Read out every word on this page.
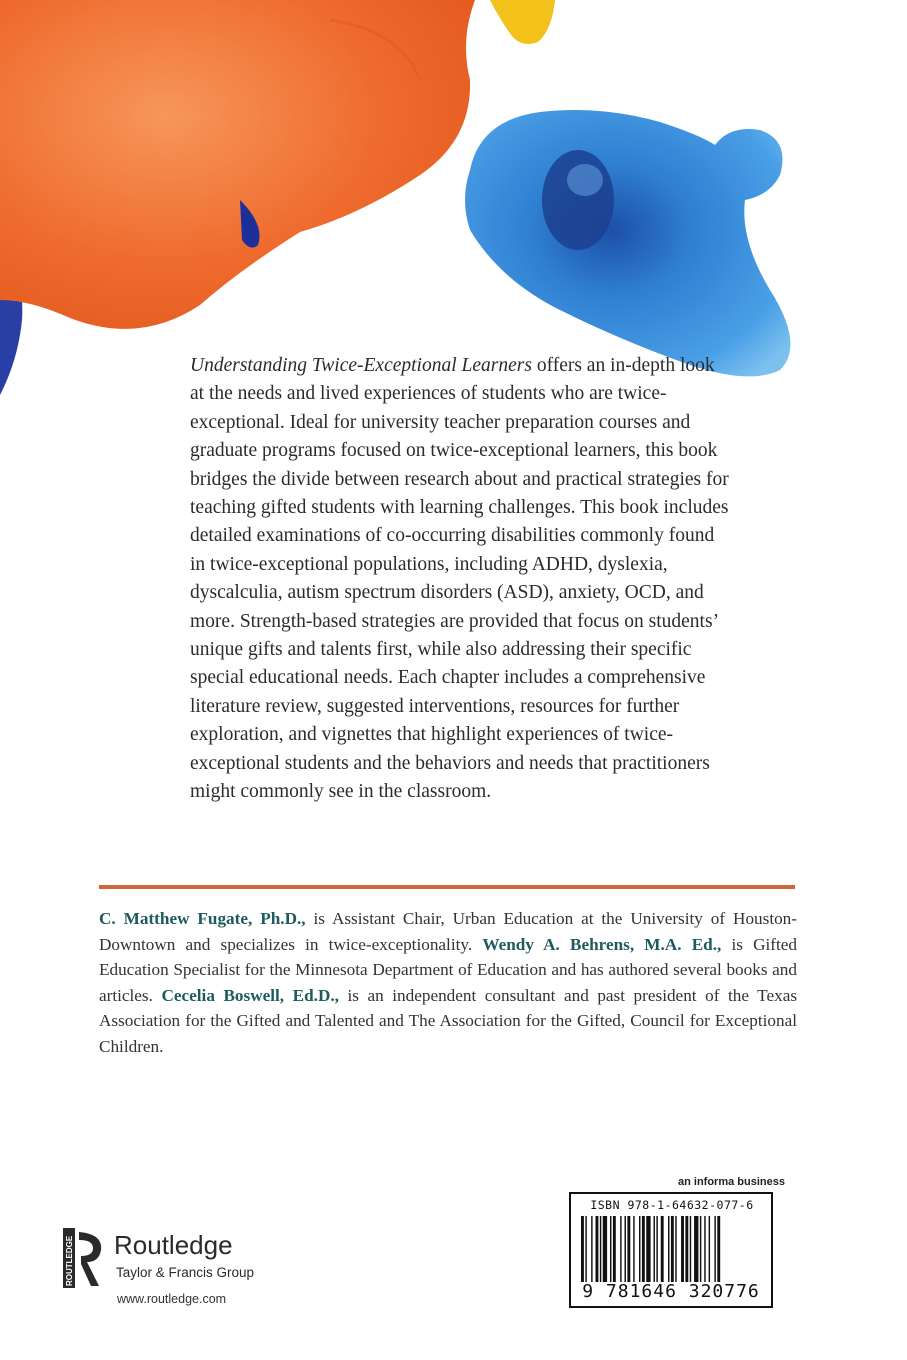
Understanding Twice-Exceptional Learners offers an in-depth look at the needs and lived experiences of students who are twice-exceptional. Ideal for university teacher preparation courses and graduate programs focused on twice-exceptional learners, this book bridges the divide between research about and practical strategies for teaching gifted students with learning challenges. This book includes detailed examinations of co-occurring disabilities commonly found in twice-exceptional populations, including ADHD, dyslexia, dyscalculia, autism spectrum disorders (ASD), anxiety, OCD, and more. Strength-based strategies are provided that focus on students’ unique gifts and talents first, while also addressing their specific special educational needs. Each chapter includes a comprehensive literature review, suggested interventions, resources for further exploration, and vignettes that highlight experiences of twice-exceptional students and the behaviors and needs that practitioners might commonly see in the classroom.
C. Matthew Fugate, Ph.D., is Assistant Chair, Urban Education at the University of Houston-Downtown and specializes in twice-exceptionality. Wendy A. Behrens, M.A. Ed., is Gifted Education Specialist for the Minnesota Department of Education and has authored several books and articles. Cecelia Boswell, Ed.D., is an independent consultant and past president of the Texas Association for the Gifted and Talented and The Association for the Gifted, Council for Exceptional Children.
an informa business
ISBN 978-1-64632-077-6
9 781646 320776
ROUTLEDGE Routledge
Taylor & Francis Group
www.routledge.com
